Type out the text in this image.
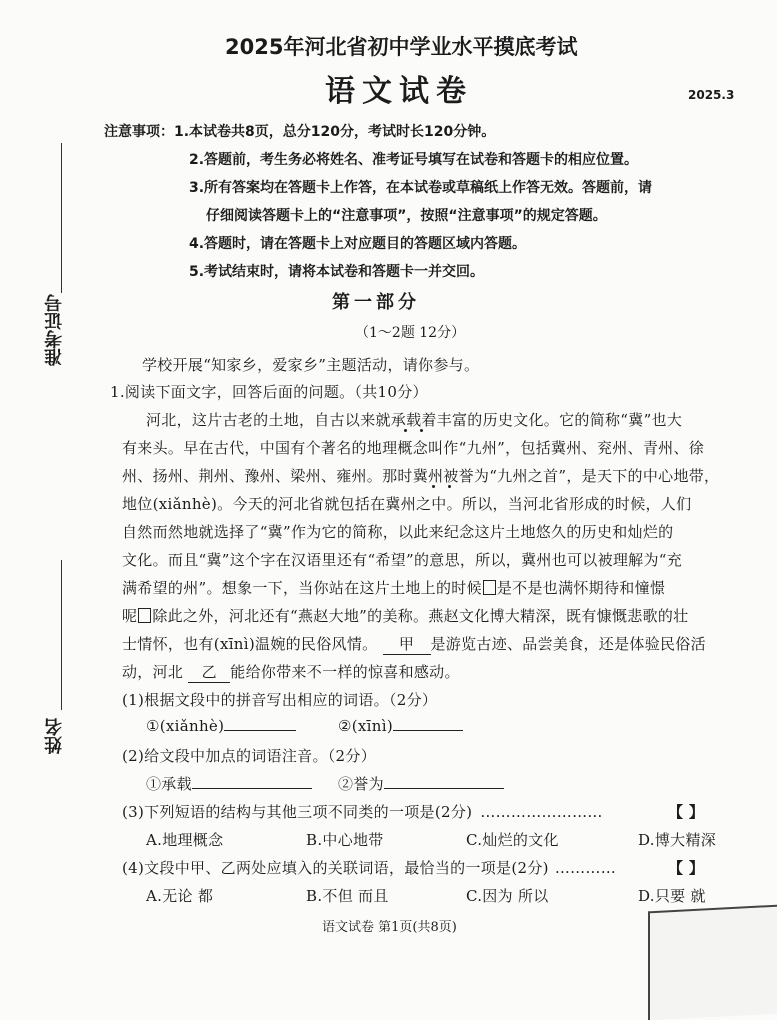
2025年河北省初中学业水平摸底考试
语文试卷	2025.3
注意事项： 1.本试卷共8页，总分120分，考试时长120分钟。
2.答题前，考生务必将姓名、准考证号填写在试卷和答题卡的相应位置。
3.所有答案均在答题卡上作答，在本试卷或草稿纸上作答无效。答题前，请
仔细阅读答题卡上的“注意事项”，按照“注意事项”的规定答题。
4.答题时，请在答题卡上对应题目的答题区域内答题。
5.考试结束时，请将本试卷和答题卡一并交回。
准考证号
姓名
第一部分
（1～2题 12分）
学校开展“知家乡，爱家乡”主题活动，请你参与。
1.阅读下面文字，回答后面的问题。（共10分）
河北，这片古老的土地，自古以来就承载着丰富的历史文化。它的简称“冀”也大
有来头。早在古代，中国有个著名的地理概念叫作“九州”，包括冀州、兖州、青州、徐
州、扬州、荆州、豫州、梁州、雍州。那时冀州被誉为“九州之首”，是天下的中心地带，
地位(xiǎnhè)。今天的河北省就包括在冀州之中。所以，当河北省形成的时候，人们
自然而然地就选择了“冀”作为它的简称，以此来纪念这片土地悠久的历史和灿烂的
文化。而且“冀”这个字在汉语里还有“希望”的意思，所以，冀州也可以被理解为“充
满希望的州”。想象一下，当你站在这片土地上的时候 是不是也满怀期待和憧憬
呢 除此之外，河北还有“燕赵大地”的美称。燕赵文化博大精深，既有慷慨悲歌的壮
士情怀，也有(xīnì)温婉的民俗风情。 甲 是游览古迹、品尝美食，还是体验民俗活
动，河北 乙 能给你带来不一样的惊喜和感动。
(1)根据文段中的拼音写出相应的词语。（2分）
①(xiǎnhè)	②(xīnì)
(2)给文段中加点的词语注音。（2分）
①承载	②誉为
(3)下列短语的结构与其他三项不同类的一项是(2分) ……………………	【 】
A.地理概念	B.中心地带	C.灿烂的文化	D.博大精深
(4)文段中甲、乙两处应填入的关联词语，最恰当的一项是(2分) …………	【 】
A.无论 都	B.不但 而且	C.因为 所以	D.只要 就
语文试卷 第1页(共8页)
